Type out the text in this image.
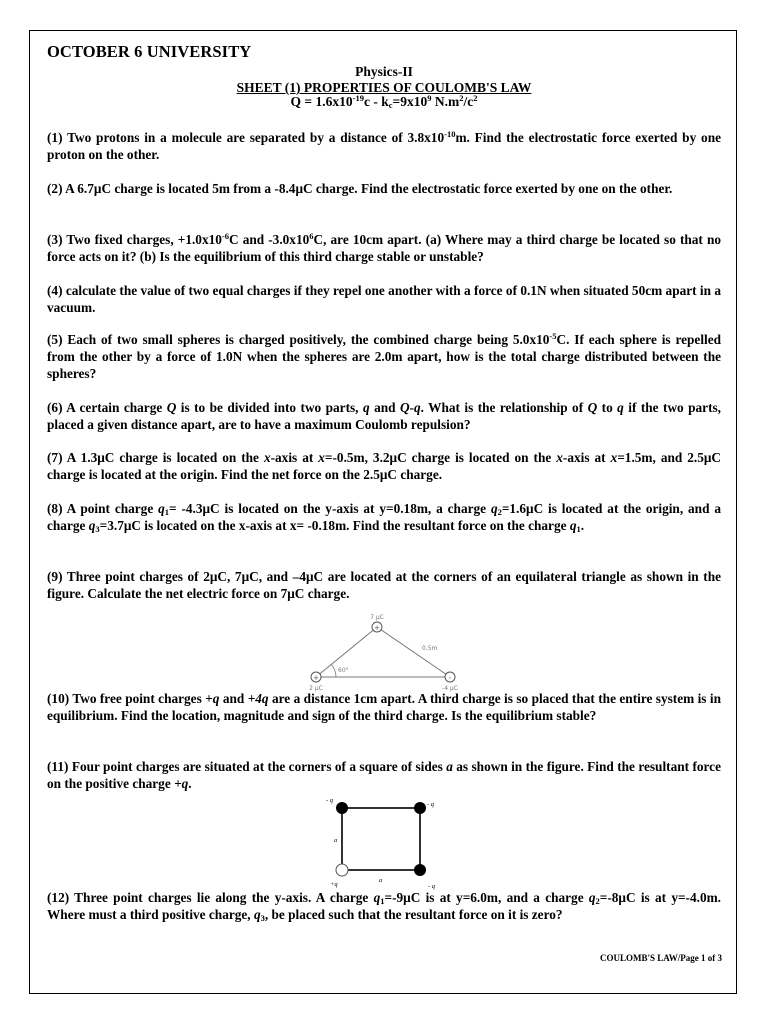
OCTOBER 6 UNIVERSITY
Physics-II
SHEET (1) PROPERTIES OF COULOMB'S LAW
$Q = 1.6x10^{-19}c - k_c=9x10^9$ $N.m^2/c^2$
(1) Two protons in a molecule are separated by a distance of $3.8x10^{-10}m$. Find the electrostatic force exerted by one proton on the other.
(2) A 6.7μC charge is located 5m from a -8.4μC charge. Find the electrostatic force exerted by one on the other.
(3) Two fixed charges, $+1.0x10^{-6}C$ and $-3.0x10^6C$, are 10cm apart. (a) Where may a third charge be located so that no force acts on it? (b) Is the equilibrium of this third charge stable or unstable?
(4) calculate the value of two equal charges if they repel one another with a force of 0.1N when situated 50cm apart in a vacuum.
(5) Each of two small spheres is charged positively, the combined charge being $5.0x10^{-5}C$. If each sphere is repelled from the other by a force of 1.0N when the spheres are 2.0m apart, how is the total charge distributed between the spheres?
(6) A certain charge Q is to be divided into two parts, q and Q-q. What is the relationship of Q to q if the two parts, placed a given distance apart, are to have a maximum Coulomb repulsion?
(7) A 1.3μC charge is located on the x-axis at x=-0.5m, 3.2μC charge is located on the x-axis at x=1.5m, and 2.5μC charge is located at the origin. Find the net force on the 2.5μC charge.
(8) A point charge $q_1= -4.3\mu C$ is located on the y-axis at y=0.18m, a charge $q_2=1.6\mu C$ is located at the origin, and a charge $q_3=3.7\mu C$ is located on the x-axis at x= -0.18m. Find the resultant force on the charge $q_1$.
(9) Three point charges of 2μC, 7μC, and –4μC are located at the corners of an equilateral triangle as shown in the figure. Calculate the net electric force on 7μC charge.
+
+	-
7 μC
0.5m
60°
2 μC	-4 μC
(10) Two free point charges +q and +4q are a distance 1cm apart. A third charge is so placed that the entire system is in equilibrium. Find the location, magnitude and sign of the third charge. Is the equilibrium stable?
(11) Four point charges are situated at the corners of a square of sides a as shown in the figure. Find the resultant force on the positive charge +q.
- q
- q
+q	- q
a
a
(12) Three point charges lie along the y-axis. A charge $q_1=-9\mu C$ is at y=6.0m, and a charge $q_2=-8\mu C$ is at y=-4.0m. Where must a third positive charge, $q_3$, be placed such that the resultant force on it is zero?
COULOMB'S LAW/Page 1 of 3
